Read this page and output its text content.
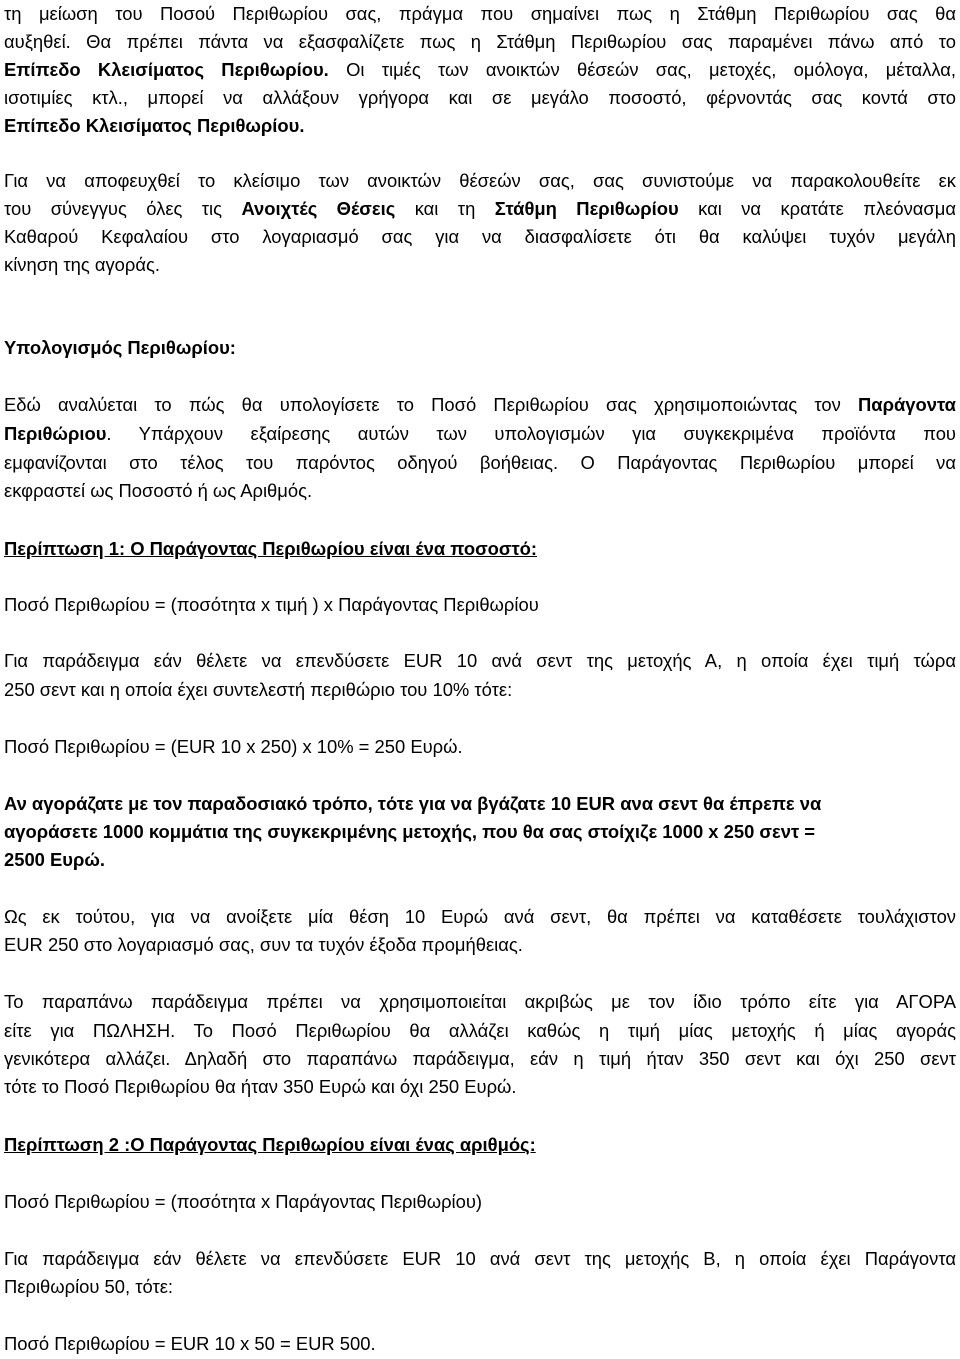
τη μείωση του Ποσού Περιθωρίου σας, πράγμα που σημαίνει πως η Στάθμη Περιθωρίου σας θα
αυξηθεί. Θα πρέπει πάντα να εξασφαλίζετε πως η Στάθμη Περιθωρίου σας παραμένει πάνω από το
Επίπεδο Κλεισίματος Περιθωρίου. Οι τιμές των ανοικτών θέσεών σας, μετοχές, ομόλογα, μέταλλα,
ισοτιμίες κτλ., μπορεί να αλλάξουν γρήγορα και σε μεγάλο ποσοστό, φέρνοντάς σας κοντά στο
Επίπεδο Κλεισίματος Περιθωρίου.
Για να αποφευχθεί το κλείσιμο των ανοικτών θέσεών σας, σας συνιστούμε να παρακολουθείτε εκ
του σύνεγγυς όλες τις Ανοιχτές Θέσεις και τη Στάθμη Περιθωρίου και να κρατάτε πλεόνασμα
Καθαρού Κεφαλαίου στο λογαριασμό σας για να διασφαλίσετε ότι θα καλύψει τυχόν μεγάλη
κίνηση της αγοράς.
Υπολογισμός Περιθωρίου:
Εδώ αναλύεται το πώς θα υπολογίσετε το Ποσό Περιθωρίου σας χρησιμοποιώντας τον Παράγοντα
Περιθώριου. Υπάρχουν εξαίρεσης αυτών των υπολογισμών για συγκεκριμένα προϊόντα που
εμφανίζονται στο τέλος του παρόντος οδηγού βοήθειας. Ο Παράγοντας Περιθωρίου μπορεί να
εκφραστεί ως Ποσοστό ή ως Αριθμός.
Περίπτωση 1: Ο Παράγοντας Περιθωρίου είναι ένα ποσοστό:
Ποσό Περιθωρίου = (ποσότητα x τιμή ) x Παράγοντας Περιθωρίου
Για παράδειγμα εάν θέλετε να επενδύσετε EUR 10 ανά σεντ της μετοχής Α, η οποία έχει τιμή τώρα
250 σεντ και η οποία έχει συντελεστή περιθώριο του 10% τότε:
Ποσό Περιθωρίου = (EUR 10 x 250) x 10% = 250 Ευρώ.
Αν αγοράζατε με τον παραδοσιακό τρόπο, τότε για να βγάζατε 10 EUR ανα σεντ θα έπρεπε να
αγοράσετε 1000 κομμάτια της συγκεκριμένης μετοχής, που θα σας στοίχιζε 1000 x 250 σεντ =
2500 Ευρώ.
Ως εκ τούτου, για να ανοίξετε μία θέση 10 Ευρώ ανά σεντ, θα πρέπει να καταθέσετε τουλάχιστον
EUR 250 στο λογαριασμό σας, συν τα τυχόν έξοδα προμήθειας.
Το παραπάνω παράδειγμα πρέπει να χρησιμοποιείται ακριβώς με τον ίδιο τρόπο είτε για ΑΓΟΡΑ
είτε για ΠΩΛΗΣΗ. Το Ποσό Περιθωρίου θα αλλάζει καθώς η τιμή μίας μετοχής ή μίας αγοράς
γενικότερα αλλάζει. Δηλαδή στο παραπάνω παράδειγμα, εάν η τιμή ήταν 350 σεντ και όχι 250 σεντ
τότε το Ποσό Περιθωρίου θα ήταν 350 Ευρώ και όχι 250 Ευρώ.
Περίπτωση 2 :Ο Παράγοντας Περιθωρίου είναι ένας αριθμός:
Ποσό Περιθωρίου = (ποσότητα x Παράγοντας Περιθωρίου)
Για παράδειγμα εάν θέλετε να επενδύσετε EUR 10 ανά σεντ της μετοχής Β, η οποία έχει Παράγοντα
Περιθωρίου 50, τότε:
Ποσό Περιθωρίου = EUR 10 x 50 = EUR 500.
